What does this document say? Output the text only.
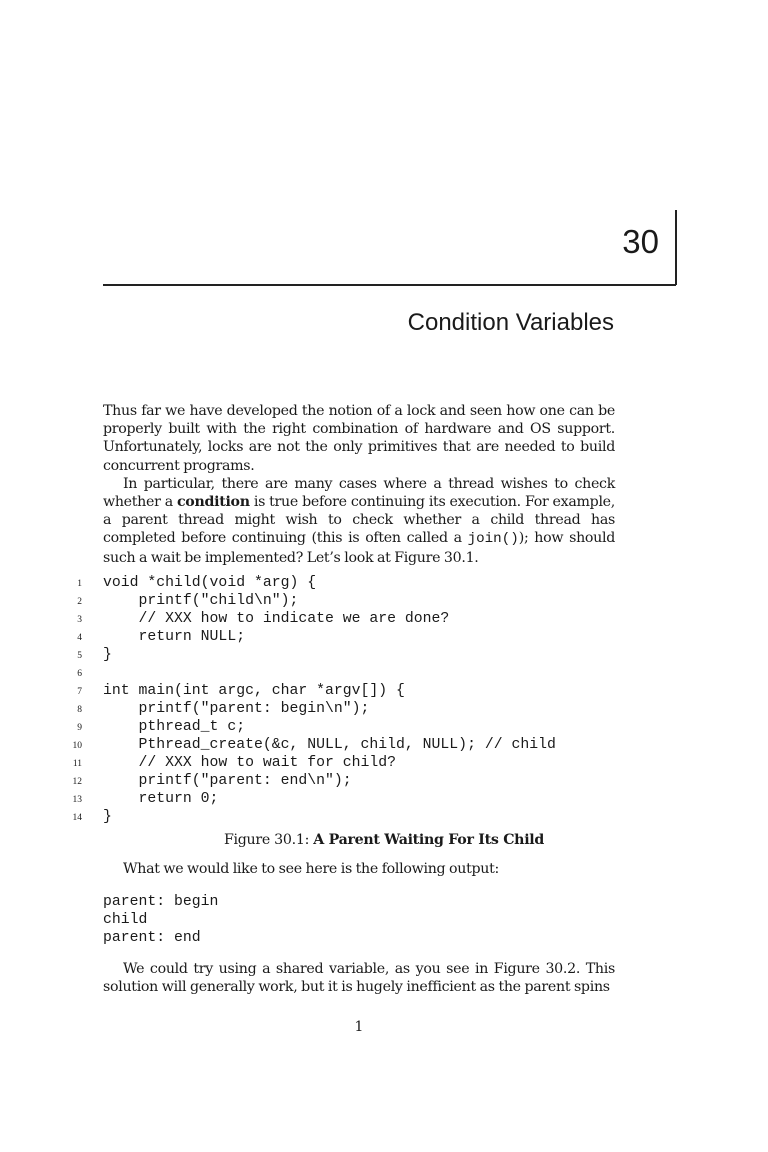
30
Condition Variables

Thus far we have developed the notion of a lock and seen how one can be properly built with the right combination of hardware and OS support. Unfortunately, locks are not the only primitives that are needed to build concurrent programs.

In particular, there are many cases where a thread wishes to check whether a condition is true before continuing its execution. For example, a parent thread might wish to check whether a child thread has completed before continuing (this is often called a join()); how should such a wait be implemented? Let’s look at Figure 30.1.

1 void *child(void *arg) {
2 printf("child\n");
3 // XXX how to indicate we are done?
4 return NULL;
5 }
6
7 int main(int argc, char *argv[]) {
8 printf("parent: begin\n");
9 pthread_t c;
10 Pthread_create(&c, NULL, child, NULL); // child
11 // XXX how to wait for child?
12 printf("parent: end\n");
13 return 0;
14 }
Figure 30.1: A Parent Waiting For Its Child

What we would like to see here is the following output:

parent: begin
child
parent: end

We could try using a shared variable, as you see in Figure 30.2. This solution will generally work, but it is hugely inefficient as the parent spins

1
